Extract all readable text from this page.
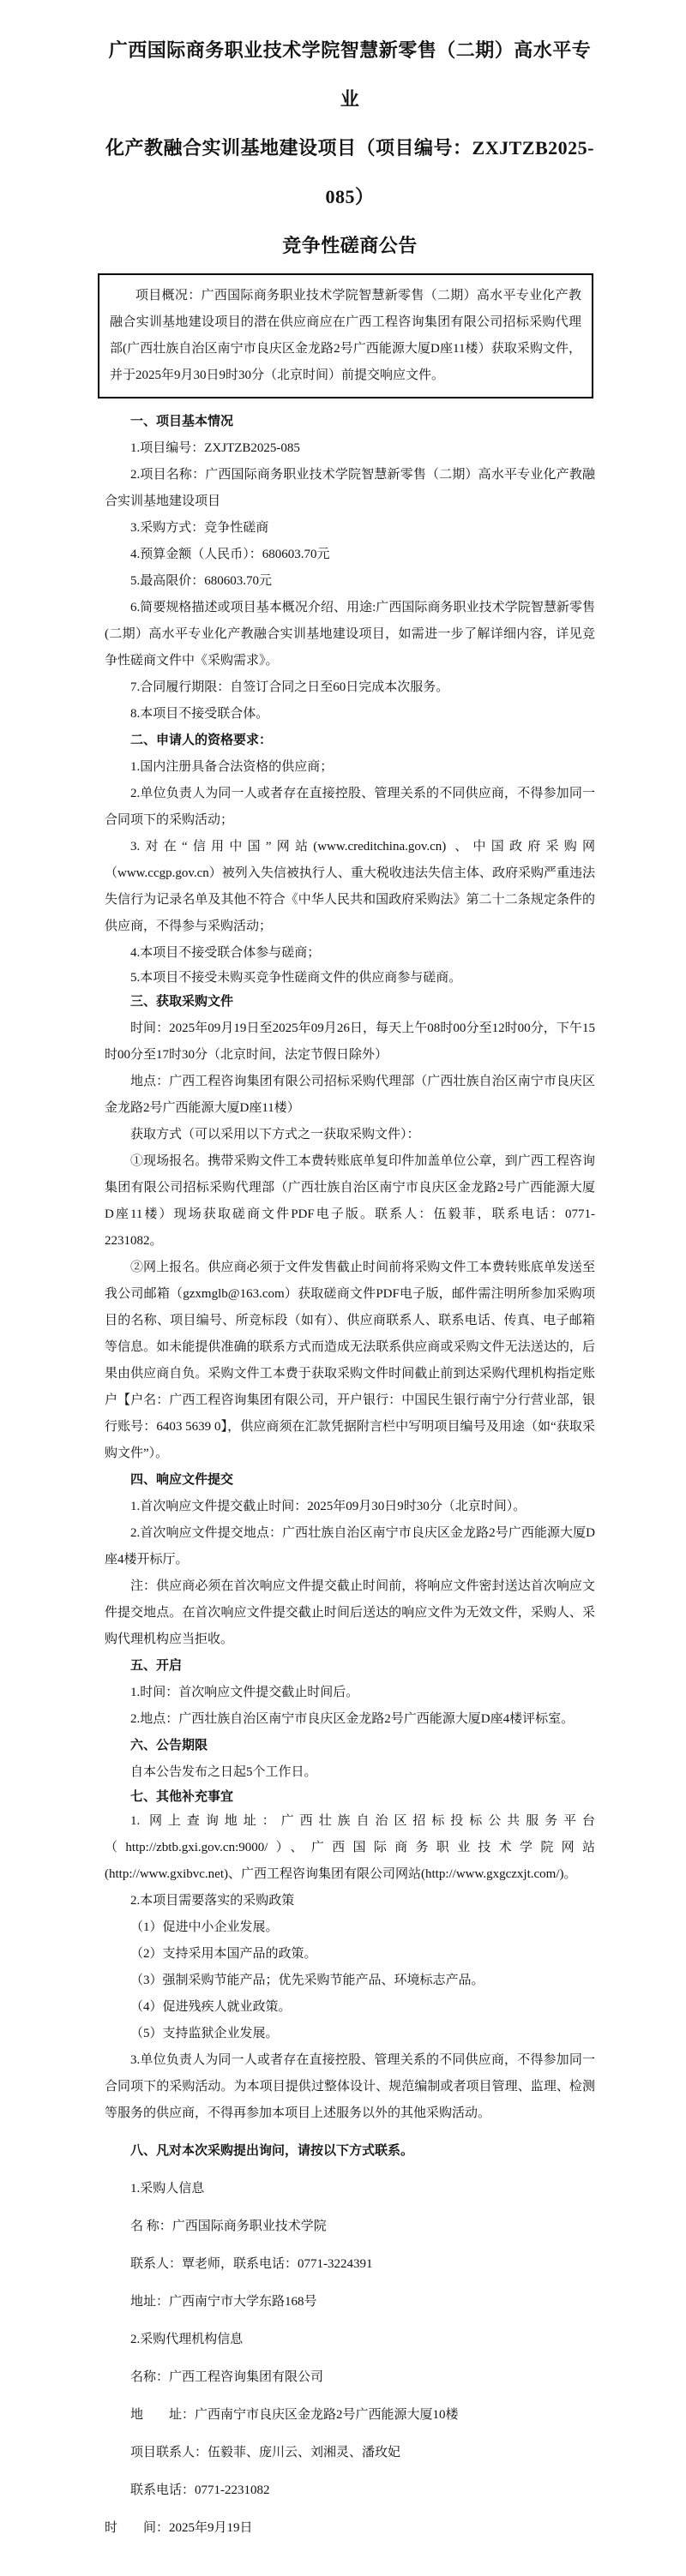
广西国际商务职业技术学院智慧新零售（二期）高水平专业
化产教融合实训基地建设项目（项目编号：ZXJTZB2025-085）
竞争性磋商公告

项目概况：广西国际商务职业技术学院智慧新零售（二期）高水平专业化产教融合实训基地建设项目的潜在供应商应在广西工程咨询集团有限公司招标采购代理部(广西壮族自治区南宁市良庆区金龙路2号广西能源大厦D座11楼）获取采购文件，并于2025年9月30日9时30分（北京时间）前提交响应文件。

一、项目基本情况

1.项目编号：ZXJTZB2025-085

2.项目名称：广西国际商务职业技术学院智慧新零售（二期）高水平专业化产教融合实训基地建设项目

3.采购方式：竞争性磋商

4.预算金额（人民币）：680603.70元

5.最高限价：680603.70元

6.简要规格描述或项目基本概况介绍、用途:广西国际商务职业技术学院智慧新零售(二期）高水平专业化产教融合实训基地建设项目，如需进一步了解详细内容，详见竞争性磋商文件中《采购需求》。

7.合同履行期限：自签订合同之日至60日完成本次服务。

8.本项目不接受联合体。

二、申请人的资格要求：

1.国内注册具备合法资格的供应商；

2.单位负责人为同一人或者存在直接控股、管理关系的不同供应商，不得参加同一合同项下的采购活动；

3.对在“信用中国”网站(www.creditchina.gov.cn) 、中国政府采购网（www.ccgp.gov.cn）被列入失信被执行人、重大税收违法失信主体、政府采购严重违法失信行为记录名单及其他不符合《中华人民共和国政府采购法》第二十二条规定条件的供应商，不得参与采购活动；

4.本项目不接受联合体参与磋商；

5.本项目不接受未购买竞争性磋商文件的供应商参与磋商。

三、获取采购文件

时间：2025年09月19日至2025年09月26日，每天上午08时00分至12时00分，下午15时00分至17时30分（北京时间，法定节假日除外）

地点：广西工程咨询集团有限公司招标采购代理部（广西壮族自治区南宁市良庆区金龙路2号广西能源大厦D座11楼）

获取方式（可以采用以下方式之一获取采购文件）：

①现场报名。携带采购文件工本费转账底单复印件加盖单位公章，到广西工程咨询集团有限公司招标采购代理部（广西壮族自治区南宁市良庆区金龙路2号广西能源大厦D座11楼）现场获取磋商文件PDF电子版。联系人：伍毅菲，联系电话：0771-2231082。

②网上报名。供应商必须于文件发售截止时间前将采购文件工本费转账底单发送至我公司邮箱（gzxmglb@163.com）获取磋商文件PDF电子版，邮件需注明所参加采购项目的名称、项目编号、所竞标段（如有）、供应商联系人、联系电话、传真、电子邮箱等信息。如未能提供准确的联系方式而造成无法联系供应商或采购文件无法送达的，后果由供应商自负。采购文件工本费于获取采购文件时间截止前到达采购代理机构指定账户【户名：广西工程咨询集团有限公司，开户银行：中国民生银行南宁分行营业部，银行账号：6403 5639 0】，供应商须在汇款凭据附言栏中写明项目编号及用途（如“获取采购文件”）。

四、响应文件提交

1.首次响应文件提交截止时间：2025年09月30日9时30分（北京时间）。

2.首次响应文件提交地点：广西壮族自治区南宁市良庆区金龙路2号广西能源大厦D座4楼开标厅。

注：供应商必须在首次响应文件提交截止时间前，将响应文件密封送达首次响应文件提交地点。在首次响应文件提交截止时间后送达的响应文件为无效文件，采购人、采购代理机构应当拒收。

五、开启

1.时间：首次响应文件提交截止时间后。

2.地点：广西壮族自治区南宁市良庆区金龙路2号广西能源大厦D座4楼评标室。

六、公告期限

自本公告发布之日起5个工作日。

七、其他补充事宜

1. 网上查询地址：广西壮族自治区招标投标公共服务平台（http://zbtb.gxi.gov.cn:9000/）、广西国际商务职业技术学院网站(http://www.gxibvc.net)、广西工程咨询集团有限公司网站(http://www.gxgczxjt.com/)。

2.本项目需要落实的采购政策

（1）促进中小企业发展。

（2）支持采用本国产品的政策。

（3）强制采购节能产品；优先采购节能产品、环境标志产品。

（4）促进残疾人就业政策。

（5）支持监狱企业发展。

3.单位负责人为同一人或者存在直接控股、管理关系的不同供应商，不得参加同一合同项下的采购活动。为本项目提供过整体设计、规范编制或者项目管理、监理、检测等服务的供应商，不得再参加本项目上述服务以外的其他采购活动。

八、凡对本次采购提出询问，请按以下方式联系。

1.采购人信息

名 称：广西国际商务职业技术学院

联系人：覃老师，联系电话：0771-3224391

地址：广西南宁市大学东路168号

2.采购代理机构信息

名称：广西工程咨询集团有限公司

地　　址：广西南宁市良庆区金龙路2号广西能源大厦10楼

项目联系人：伍毅菲、庞川云、刘湘灵、潘玫妃

联系电话：0771-2231082

时　　间：2025年9月19日
